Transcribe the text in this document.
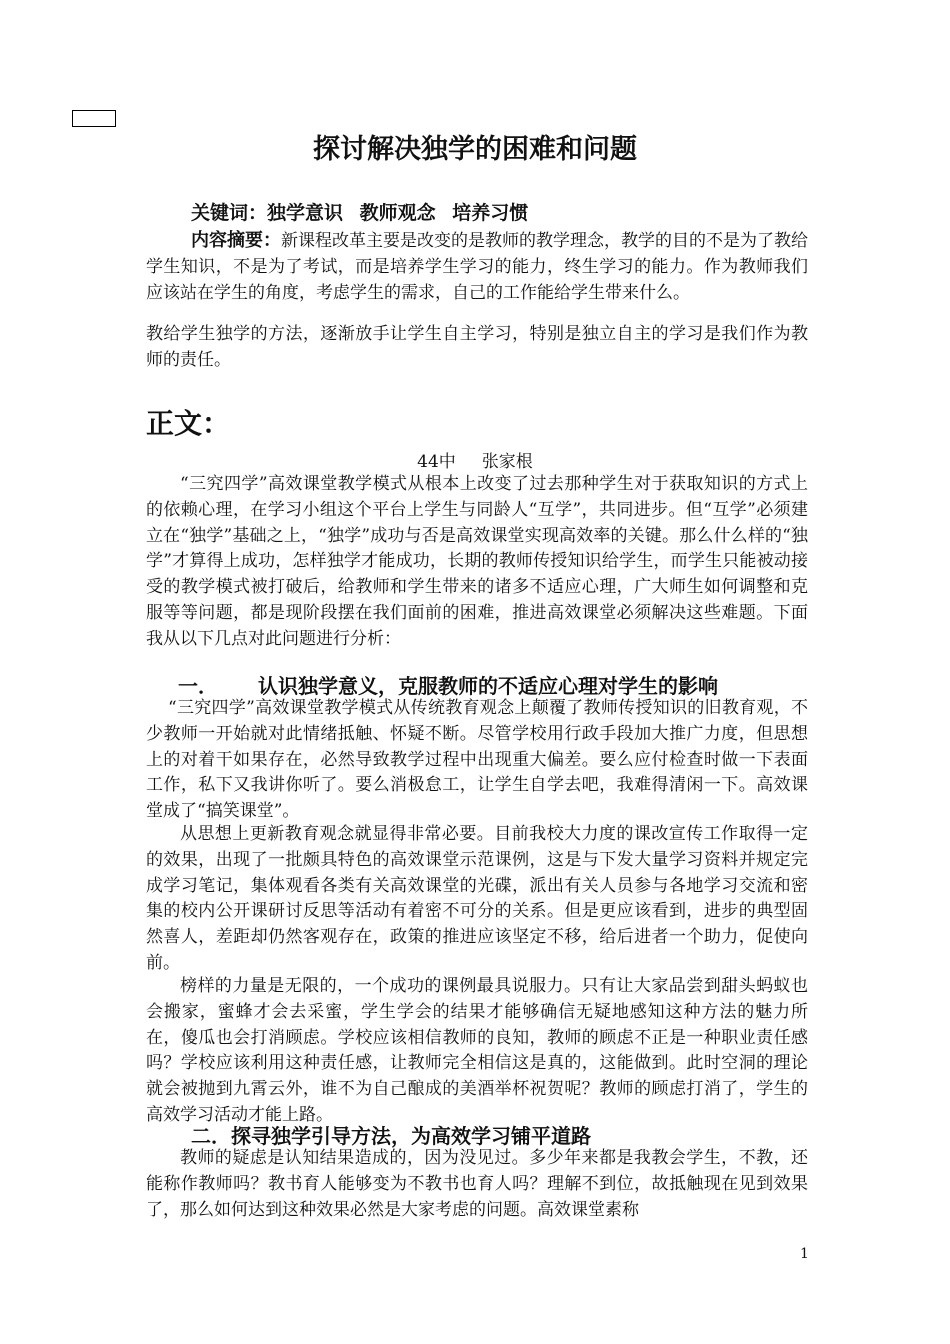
探讨解决独学的困难和问题
关键词：独学意识 教师观念 培养习惯
内容摘要：新课程改革主要是改变的是教师的教学理念，教学的目的不是为了教给学生知识，不是为了考试，而是培养学生学习的能力，终生学习的能力。作为教师我们应该站在学生的角度，考虑学生的需求，自己的工作能给学生带来什么。
教给学生独学的方法，逐渐放手让学生自主学习，特别是独立自主的学习是我们作为教师的责任。
正文：
44中 张家根
“三究四学”高效课堂教学模式从根本上改变了过去那种学生对于获取知识的方式上的依赖心理，在学习小组这个平台上学生与同龄人“互学”，共同进步。但“互学”必须建立在“独学”基础之上，“独学”成功与否是高效课堂实现高效率的关键。那么什么样的“独学”才算得上成功，怎样独学才能成功，长期的教师传授知识给学生，而学生只能被动接受的教学模式被打破后，给教师和学生带来的诸多不适应心理，广大师生如何调整和克服等等问题，都是现阶段摆在我们面前的困难，推进高效课堂必须解决这些难题。下面我从以下几点对此问题进行分析：
一． 认识独学意义，克服教师的不适应心理对学生的影响
“三究四学”高效课堂教学模式从传统教育观念上颠覆了教师传授知识的旧教育观，不少教师一开始就对此情绪抵触、怀疑不断。尽管学校用行政手段加大推广力度，但思想上的对着干如果存在，必然导致教学过程中出现重大偏差。要么应付检查时做一下表面工作，私下又我讲你听了。要么消极怠工，让学生自学去吧，我难得清闲一下。高效课堂成了“搞笑课堂”。
从思想上更新教育观念就显得非常必要。目前我校大力度的课改宣传工作取得一定的效果，出现了一批颇具特色的高效课堂示范课例，这是与下发大量学习资料并规定完成学习笔记，集体观看各类有关高效课堂的光碟，派出有关人员参与各地学习交流和密集的校内公开课研讨反思等活动有着密不可分的关系。但是更应该看到，进步的典型固然喜人，差距却仍然客观存在，政策的推进应该坚定不移，给后进者一个助力，促使向前。
榜样的力量是无限的，一个成功的课例最具说服力。只有让大家品尝到甜头蚂蚁也会搬家，蜜蜂才会去采蜜，学生学会的结果才能够确信无疑地感知这种方法的魅力所在，傻瓜也会打消顾虑。学校应该相信教师的良知，教师的顾虑不正是一种职业责任感吗？学校应该利用这种责任感，让教师完全相信这是真的，这能做到。此时空洞的理论就会被抛到九霄云外，谁不为自己酿成的美酒举杯祝贺呢？教师的顾虑打消了，学生的高效学习活动才能上路。
二．探寻独学引导方法，为高效学习铺平道路
教师的疑虑是认知结果造成的，因为没见过。多少年来都是我教会学生，不教，还能称作教师吗？教书育人能够变为不教书也育人吗？理解不到位，故抵触现在见到效果了，那么如何达到这种效果必然是大家考虑的问题。高效课堂素称
1
